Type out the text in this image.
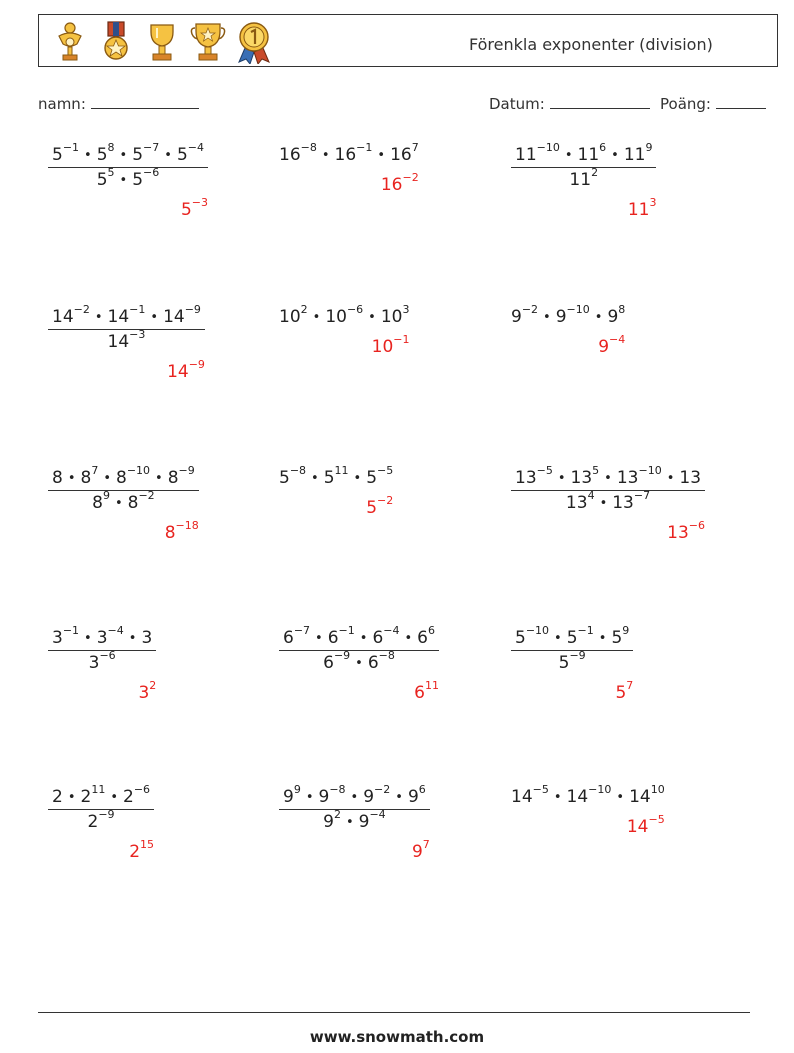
Förenkla exponenter (division)
namn:	Datum:	Poäng:
$\frac{5^{-1}• 5^8• 5^{-7}• 5^{-4}}{5^5• 5^{-6}}$
$5^{-3}$
$16^{-8}•$ $16^{-1}•$ $16^7$
$16^{-2}$	$\frac{11^{-10}• 11^6• 11^9}{11^2}$
$11^3$
$\frac{14^{-2}• 14^{-1}• 14^{-9}}{14^{-3}}$
$14^{-9}$
$10^2•$ $10^{-6}•$ $10^3$
$10^{-1}$
$9^{-2}•$ $9^{-10}•$ $9^8$
$9^{-4}$
$\frac{8 • 8^7• 8^{-10}• 8^{-9}}{8^9• 8^{-2}}$
$8^{-18}$
$5^{-8}•$ $5^{11}•$ $5^{-5}$
$5^{-2}$	$\frac{13^{-5}• 13^5• 13^{-10}• 13}{13^4• 13^{-7}}$
$13^{-6}$
$\frac{3^{-1}• 3^{-4}• 3}{3^{-6}}$
$3^2$
$\frac{6^{-7}• 6^{-1}• 6^{-4}• 6^6}{6^{-9}• 6^{-8}}$
$6^{11}$
$\frac{5^{-10}• 5^{-1}• 5^9}{5^{-9}}$
$5^7$
$\frac{2 • 2^{11}• 2^{-6}}{2^{-9}}$
$2^{15}$
$\frac{9^9• 9^{-8}• 9^{-2}• 9^6}{9^2• 9^{-4}}$
$9^7$
$14^{-5}•$ $14^{-10}•$ $14^{10}$
$14^{-5}$
www.snowmath.com
